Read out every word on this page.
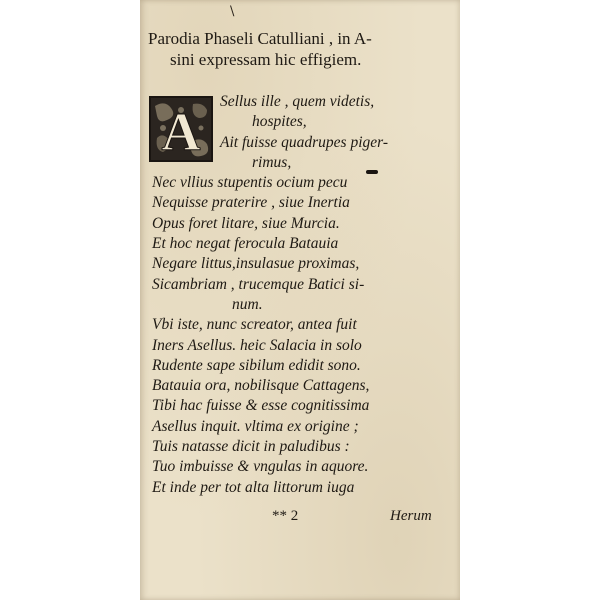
\
Parodia Phaseli Catulliani , in A-
sini expressam hic effigiem.
A
Sellus ille , quem videtis,
hospites,
Ait fuisse quadrupes piger-
rimus,
Nec vllius stupentis ocium pecu
Nequisse praterire , siue Inertia
Opus foret litare, siue Murcia.
Et hoc negat ferocula Batauia
Negare littus,insulasue proximas,
Sicambriam , trucemque Batici si-
num.
Vbi iste, nunc screator, antea fuit
Iners Asellus. heic Salacia in solo
Rudente sape sibilum edidit sono.
Batauia ora, nobilisque Cattagens,
Tibi hac fuisse & esse cognitissima
Asellus inquit. vltima ex origine ;
Tuis natasse dicit in paludibus :
Tuo imbuisse & vngulas in aquore.
Et inde per tot alta littorum iuga
** 2	Herum
